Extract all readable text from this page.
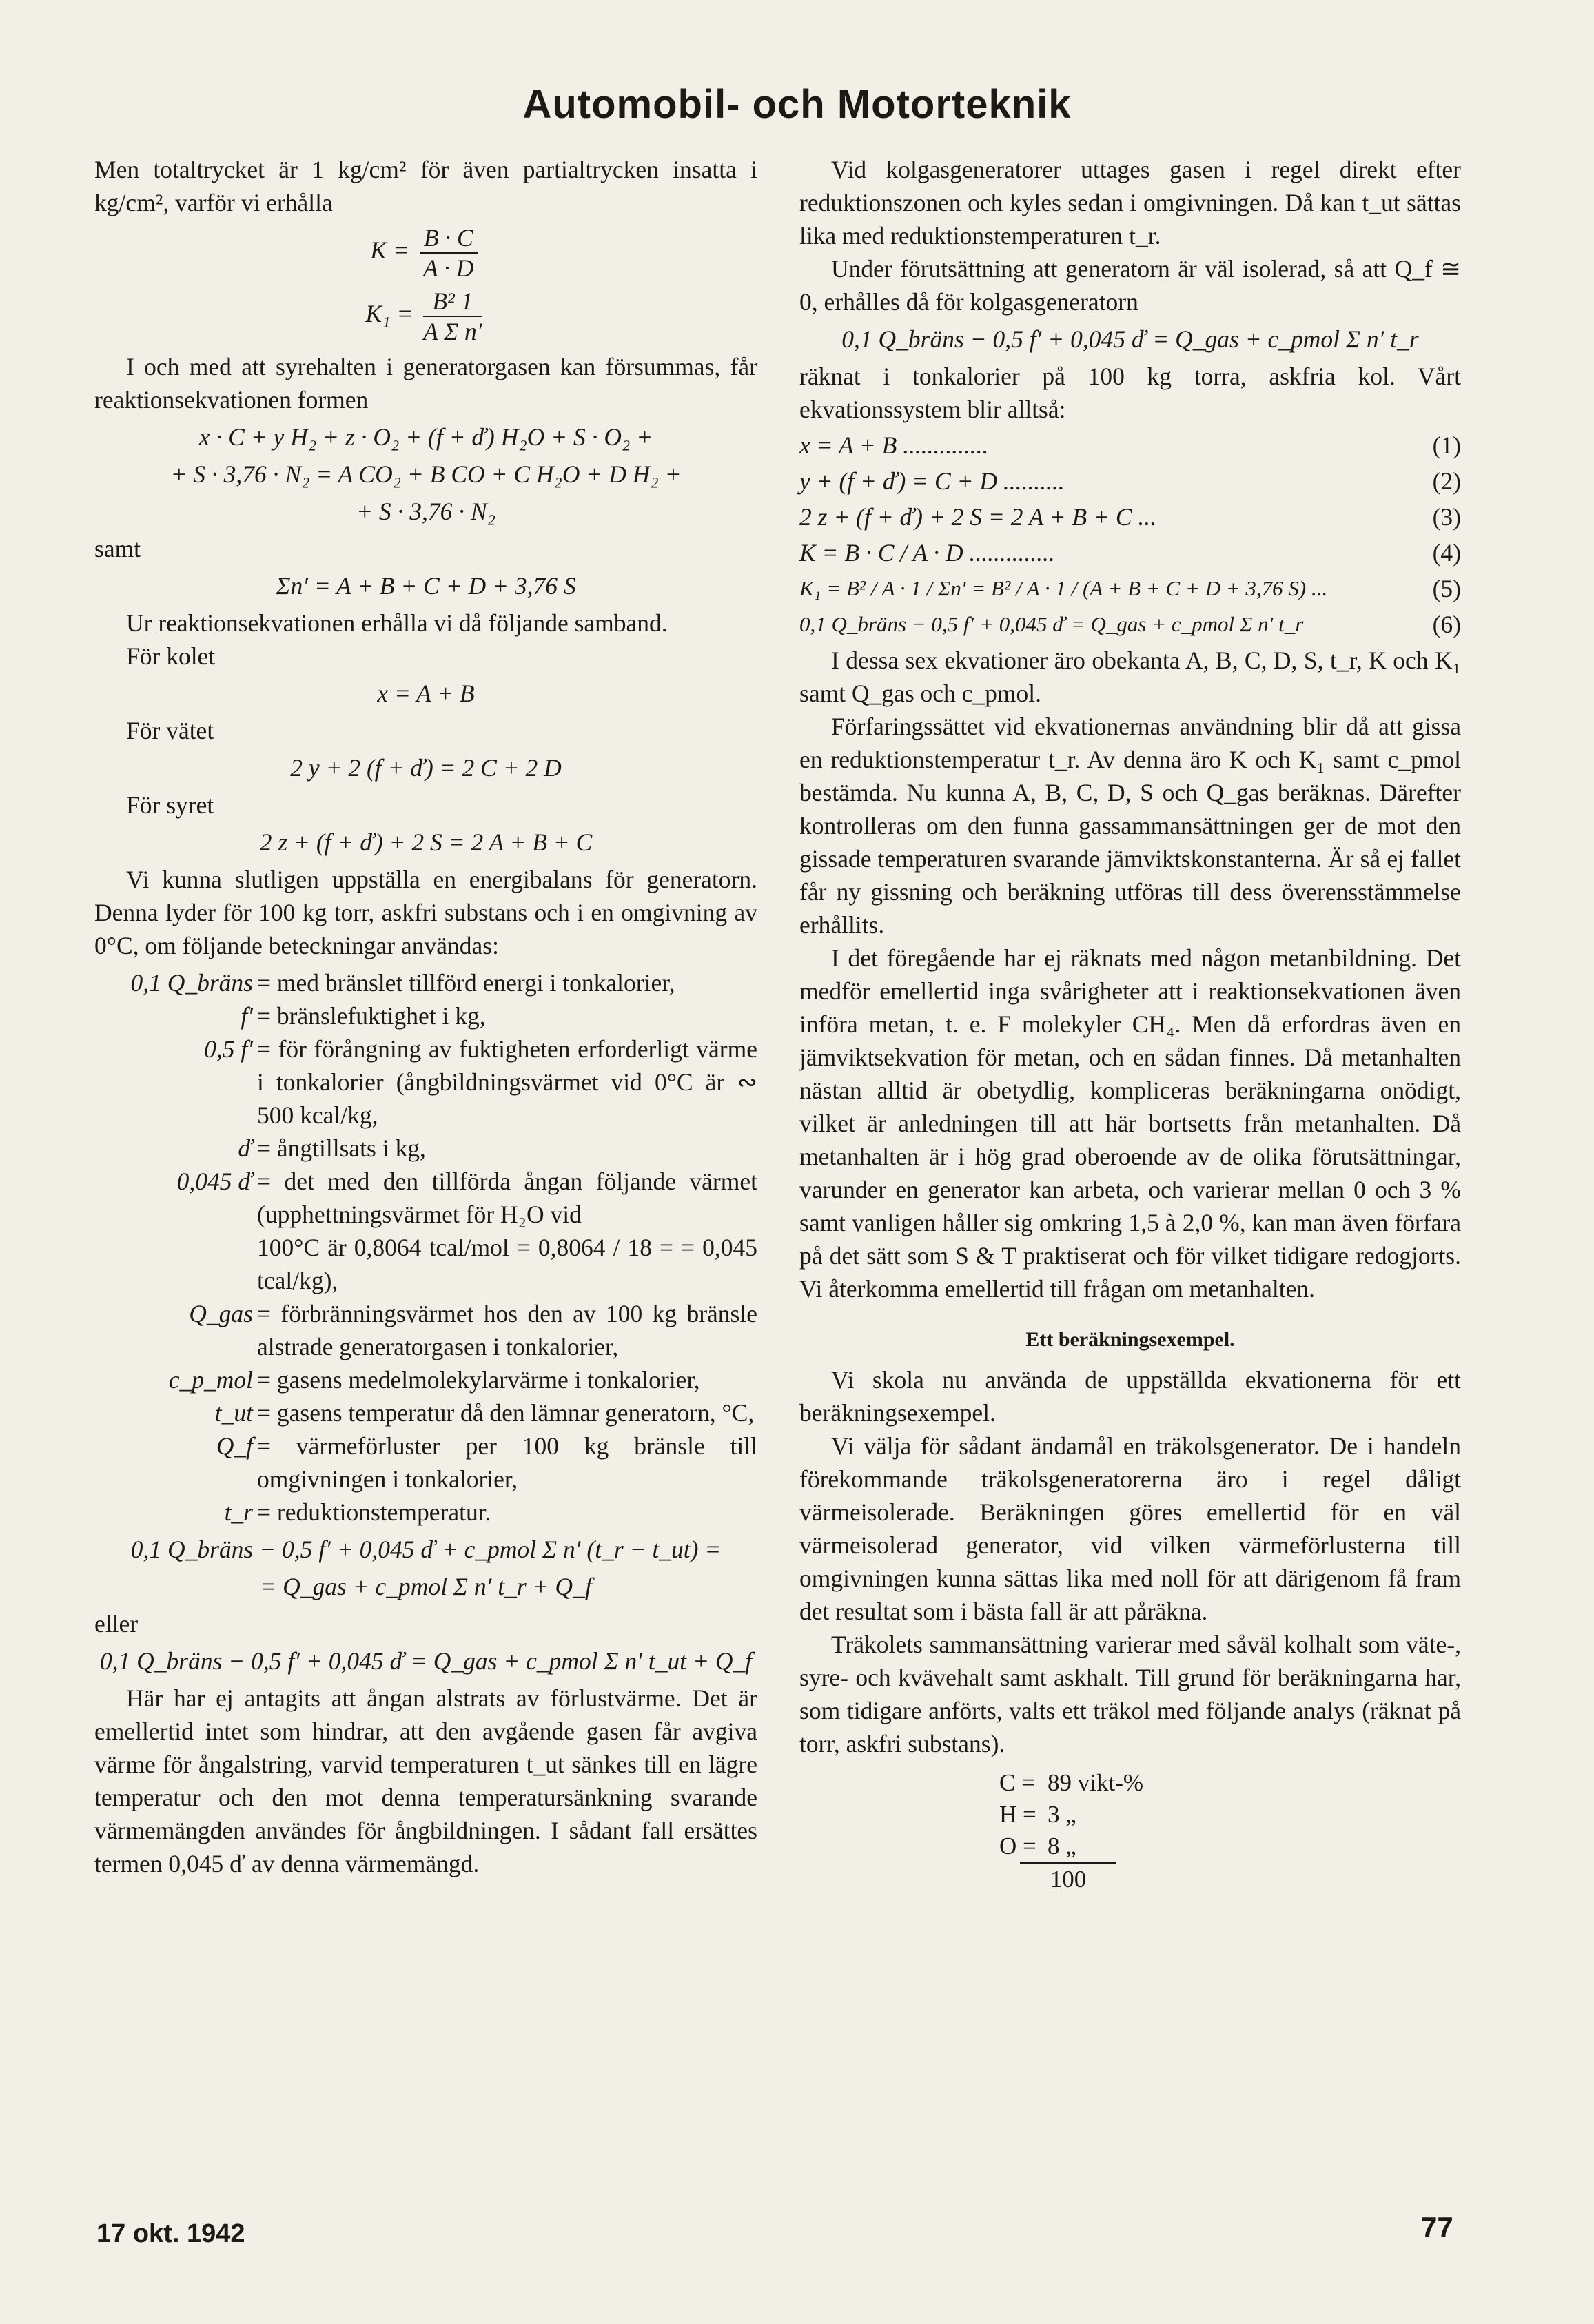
Automobil- och Motorteknik

Men totaltrycket är 1 kg/cm² för även partialtrycken insatta i kg/cm², varför vi erhålla

$K = \frac{B \cdot C}{A \cdot D}$
$K_1 = \frac{\text{B² 1}}{\text{A Σ n′}}$

I och med att syrehalten i generatorgasen kan försummas, får reaktionsekvationen formen

x · C + y H₂ + z · O₂ + (f + ď) H₂O + S · O₂ +
+ S · 3,76 · N₂ = A CO₂ + B CO + C H₂O + D H₂ +
+ S · 3,76 · N₂

samt

Σn′ = A + B + C + D + 3,76 S

Ur reaktionsekvationen erhålla vi då följande samband.

För kolet

x = A + B

För vätet

2 y + 2 (f + ď) = 2 C + 2 D

För syret

2 z + (f + ď) + 2 S = 2 A + B + C

Vi kunna slutligen uppställa en energibalans för generatorn. Denna lyder för 100 kg torr, askfri substans och i en omgivning av 0°C, om följande beteckningar användas:

0,1 Q_bräns = med bränslet tillförd energi i tonkalorier,
f′ = bränslefuktighet i kg,
0,5 f′ = för förångning av fuktigheten erforderligt värme i tonkalorier (ångbildningsvärmet vid 0°C är ∾ 500 kcal/kg,
ď = ångtillsats i kg,
0,045 ď = det med den tillförda ångan följande värmet (upphettningsvärmet för H₂O vid
100°C är 0,8064 tcal/mol = 0,8064 / 18 = = 0,045 tcal/kg),
Q_gas = förbränningsvärmet hos den av 100 kg bränsle alstrade generatorgasen i tonkalorier,
c_p_mol = gasens medelmolekylarvärme i tonkalorier,
t_ut = gasens temperatur då den lämnar generatorn, °C,
Q_f = värmeförluster per 100 kg bränsle till omgivningen i tonkalorier,
t_r = reduktionstemperatur.
0,1 Q_bräns − 0,5 f′ + 0,045 ď + c_pmol Σ n′ (t_r − t_ut) =
= Q_gas + c_pmol Σ n′ t_r + Q_f

eller

0,1 Q_bräns − 0,5 f′ + 0,045 ď = Q_gas + c_pmol Σ n′ t_ut + Q_f

Här har ej antagits att ångan alstrats av förlustvärme. Det är emellertid intet som hindrar, att den avgående gasen får avgiva värme för ångalstring, varvid temperaturen t_ut sänkes till en lägre temperatur och den mot denna temperatursänkning svarande värmemängden användes för ångbildningen. I sådant fall ersättes termen 0,045 ď av denna värmemängd.

Vid kolgasgeneratorer uttages gasen i regel direkt efter reduktionszonen och kyles sedan i omgivningen. Då kan t_ut sättas lika med reduktionstemperaturen t_r.

Under förutsättning att generatorn är väl isolerad, så att Q_f ≅ 0, erhålles då för kolgasgeneratorn

0,1 Q_bräns − 0,5 f′ + 0,045 ď = Q_gas + c_pmol Σ n′ t_r

räknat i tonkalorier på 100 kg torra, askfria kol. Vårt ekvationssystem blir alltså:

x = A + B ..............	(1)
y + (f + ď) = C + D ..........	(2)
2 z + (f + ď) + 2 S = 2 A + B + C ...	(3)
K = B · C / A · D ..............	(4)
K₁ = B² / A · 1 / Σn′ = B² / A · 1 / (A + B + C + D + 3,76 S) ...	(5)
0,1 Q_bräns − 0,5 f′ + 0,045 ď = Q_gas + c_pmol Σ n′ t_r	(6)

I dessa sex ekvationer äro obekanta A, B, C, D, S, t_r, K och K₁ samt Q_gas och c_pmol.

Förfaringssättet vid ekvationernas användning blir då att gissa en reduktionstemperatur t_r. Av denna äro K och K₁ samt c_pmol bestämda. Nu kunna A, B, C, D, S och Q_gas beräknas. Därefter kontrolleras om den funna gassammansättningen ger de mot den gissade temperaturen svarande jämviktskonstanterna. Är så ej fallet får ny gissning och beräkning utföras till dess överensstämmelse erhållits.

I det föregående har ej räknats med någon metanbildning. Det medför emellertid inga svårigheter att i reaktionsekvationen även införa metan, t. e. F molekyler CH₄. Men då erfordras även en jämviktsekvation för metan, och en sådan finnes. Då metanhalten nästan alltid är obetydlig, kompliceras beräkningarna onödigt, vilket är anledningen till att här bortsetts från metanhalten. Då metanhalten är i hög grad oberoende av de olika förutsättningar, varunder en generator kan arbeta, och varierar mellan 0 och 3 % samt vanligen håller sig omkring 1,5 à 2,0 %, kan man även förfara på det sätt som S & T praktiserat och för vilket tidigare redogjorts. Vi återkomma emellertid till frågan om metanhalten.

Ett beräkningsexempel.

Vi skola nu använda de uppställda ekvationerna för ett beräkningsexempel.

Vi välja för sådant ändamål en träkolsgenerator. De i handeln förekommande träkolsgeneratorerna äro i regel dåligt värmeisolerade. Beräkningen göres emellertid för en väl värmeisolerad generator, vid vilken värmeförlusterna till omgivningen kunna sättas lika med noll för att därigenom få fram det resultat som i bästa fall är att påräkna.

Träkolets sammansättning varierar med såväl kolhalt som väte-, syre- och kvävehalt samt askhalt. Till grund för beräkningarna har, som tidigare anförts, valts ett träkol med följande analys (räknat på torr, askfri substans).

C = 89 vikt-%
H = 3 „
O = 8 „
100
17 okt. 1942	77
